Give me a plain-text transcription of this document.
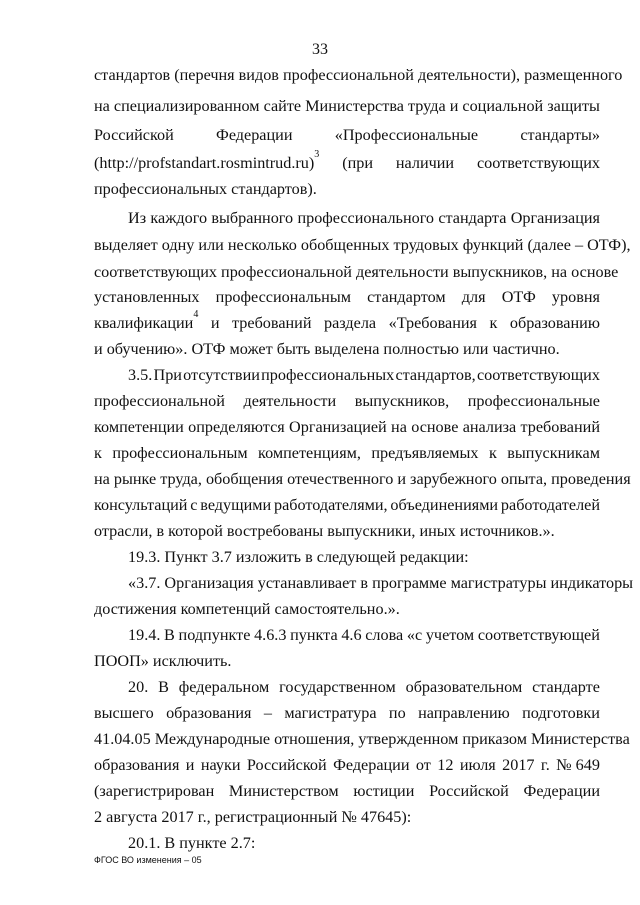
33
стандартов (перечня видов профессиональной деятельности), размещенного
на специализированном сайте Министерства труда и социальной защиты
Российской	Федерации	«Профессиональные	стандарты»
(http://profstandart.rosmintrud.ru)$^3$ (при наличии соответствующих
профессиональных стандартов).
Из каждого выбранного профессионального стандарта Организация
выделяет одну или несколько обобщенных трудовых функций (далее – ОТФ),
соответствующих профессиональной деятельности выпускников, на основе
установленных профессиональным стандартом для ОТФ уровня
квалификации$^4$ и требований раздела «Требования к образованию
и обучению». ОТФ может быть выделена полностью или частично.
3.5. При отсутствии профессиональных стандартов, соответствующих
профессиональной деятельности выпускников, профессиональные
компетенции определяются Организацией на основе анализа требований
к профессиональным компетенциям, предъявляемых к выпускникам
на рынке труда, обобщения отечественного и зарубежного опыта, проведения
консультаций с ведущими работодателями, объединениями работодателей
отрасли, в которой востребованы выпускники, иных источников.».
19.3. Пункт 3.7 изложить в следующей редакции:
«3.7. Организация устанавливает в программе магистратуры индикаторы
достижения компетенций самостоятельно.».
19.4. В подпункте 4.6.3 пункта 4.6 слова «с учетом соответствующей
ПООП» исключить.
20. В федеральном государственном образовательном стандарте
высшего образования – магистратура по направлению подготовки
41.04.05 Международные отношения, утвержденном приказом Министерства
образования и науки Российской Федерации от 12 июля 2017 г. № 649
(зарегистрирован Министерством юстиции Российской Федерации
2 августа 2017 г., регистрационный № 47645):
20.1. В пункте 2.7:
ФГОС ВО изменения – 05
